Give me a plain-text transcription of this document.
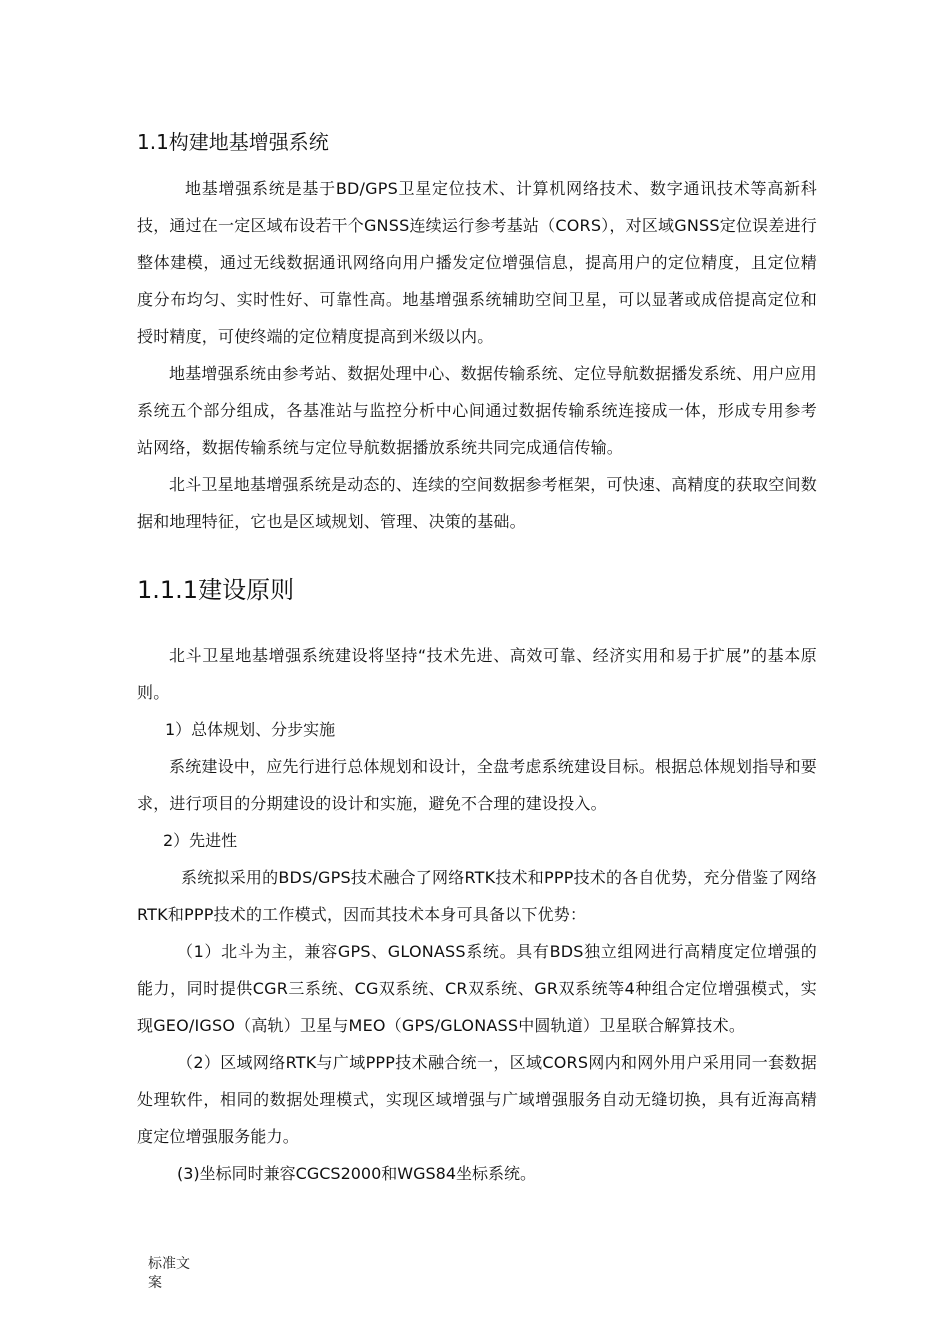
1.1构建地基增强系统

地基增强系统是基于BD/GPS卫星定位技术、计算机网络技术、数字通讯技术等高新科技，通过在一定区域布设若干个GNSS连续运行参考基站（CORS），对区域GNSS定位误差进行整体建模，通过无线数据通讯网络向用户播发定位增强信息，提高用户的定位精度，且定位精度分布均匀、实时性好、可靠性高。地基增强系统辅助空间卫星，可以显著或成倍提高定位和授时精度，可使终端的定位精度提高到米级以内。

地基增强系统由参考站、数据处理中心、数据传输系统、定位导航数据播发系统、用户应用系统五个部分组成，各基准站与监控分析中心间通过数据传输系统连接成一体，形成专用参考站网络，数据传输系统与定位导航数据播放系统共同完成通信传输。

北斗卫星地基增强系统是动态的、连续的空间数据参考框架，可快速、高精度的获取空间数据和地理特征，它也是区域规划、管理、决策的基础。

1.1.1建设原则

北斗卫星地基增强系统建设将坚持“技术先进、高效可靠、经济实用和易于扩展”的基本原则。

1）总体规划、分步实施

系统建设中，应先行进行总体规划和设计，全盘考虑系统建设目标。根据总体规划指导和要求，进行项目的分期建设的设计和实施，避免不合理的建设投入。

2）先进性

系统拟采用的BDS/GPS技术融合了网络RTK技术和PPP技术的各自优势，充分借鉴了网络RTK和PPP技术的工作模式，因而其技术本身可具备以下优势：

（1）北斗为主，兼容GPS、GLONASS系统。具有BDS独立组网进行高精度定位增强的能力，同时提供CGR三系统、CG双系统、CR双系统、GR双系统等4种组合定位增强模式，实现GEO/IGSO（高轨）卫星与MEO（GPS/GLONASS中圆轨道）卫星联合解算技术。

（2）区域网络RTK与广域PPP技术融合统一，区域CORS网内和网外用户采用同一套数据处理软件，相同的数据处理模式，实现区域增强与广域增强服务自动无缝切换，具有近海高精度定位增强服务能力。

(3)坐标同时兼容CGCS2000和WGS84坐标系统。
标准文案
